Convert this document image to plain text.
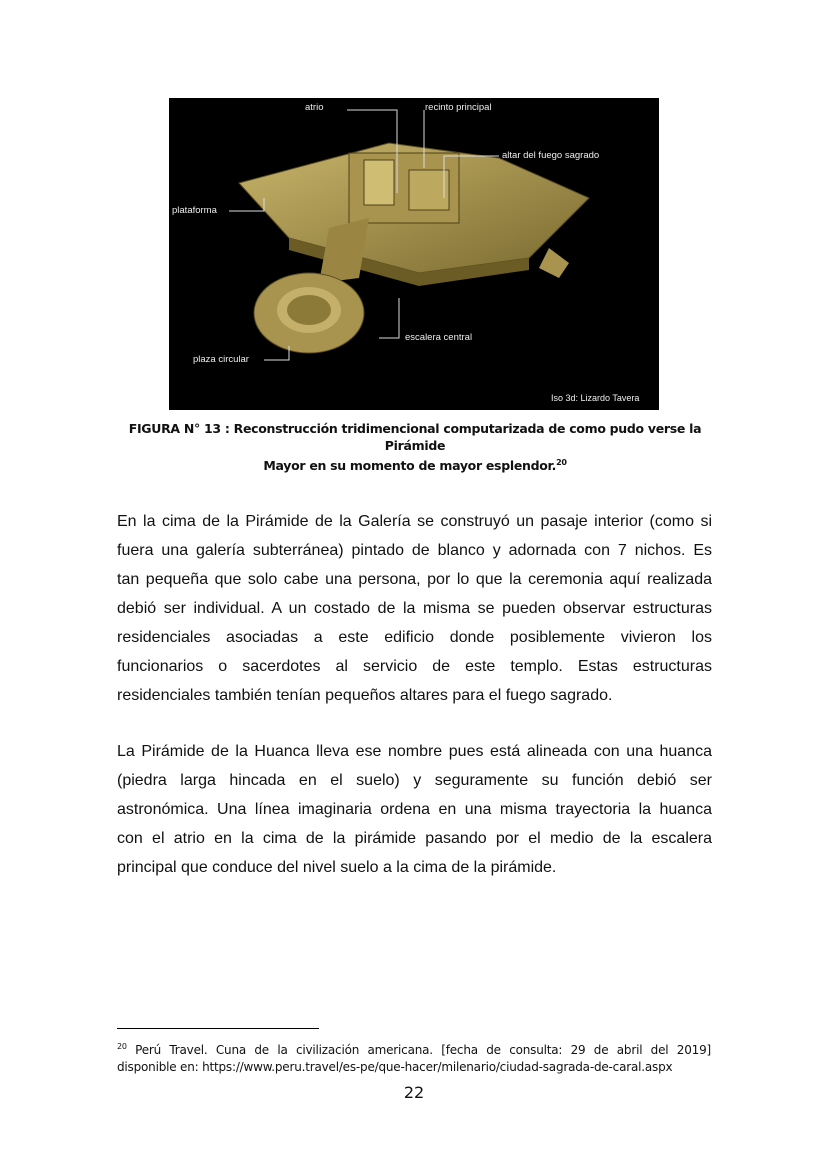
atrio	recinto principal
altar del fuego sagrado
plataforma
escalera central
plaza circular
Iso 3d: Lizardo Tavera
FIGURA N° 13 : Reconstrucción tridimencional computarizada de como pudo verse la Pirámide
Mayor en su momento de mayor esplendor.$^{20}$
En la cima de la Pirámide de la Galería se construyó un pasaje interior (como si
fuera una galería subterránea) pintado de blanco y adornada con 7 nichos. Es
tan pequeña que solo cabe una persona, por lo que la ceremonia aquí realizada
debió ser individual. A un costado de la misma se pueden observar estructuras
residenciales asociadas a este edificio donde posiblemente vivieron los
funcionarios o sacerdotes al servicio de este templo. Estas estructuras
residenciales también tenían pequeños altares para el fuego sagrado.
La Pirámide de la Huanca lleva ese nombre pues está alineada con una huanca
(piedra larga hincada en el suelo) y seguramente su función debió ser
astronómica. Una línea imaginaria ordena en una misma trayectoria la huanca
con el atrio en la cima de la pirámide pasando por el medio de la escalera
principal que conduce del nivel suelo a la cima de la pirámide.
$^{20}$ Perú Travel. Cuna de la civilización americana. [fecha de consulta: 29 de abril del 2019]
disponible en: https://www.peru.travel/es-pe/que-hacer/milenario/ciudad-sagrada-de-caral.aspx
22
